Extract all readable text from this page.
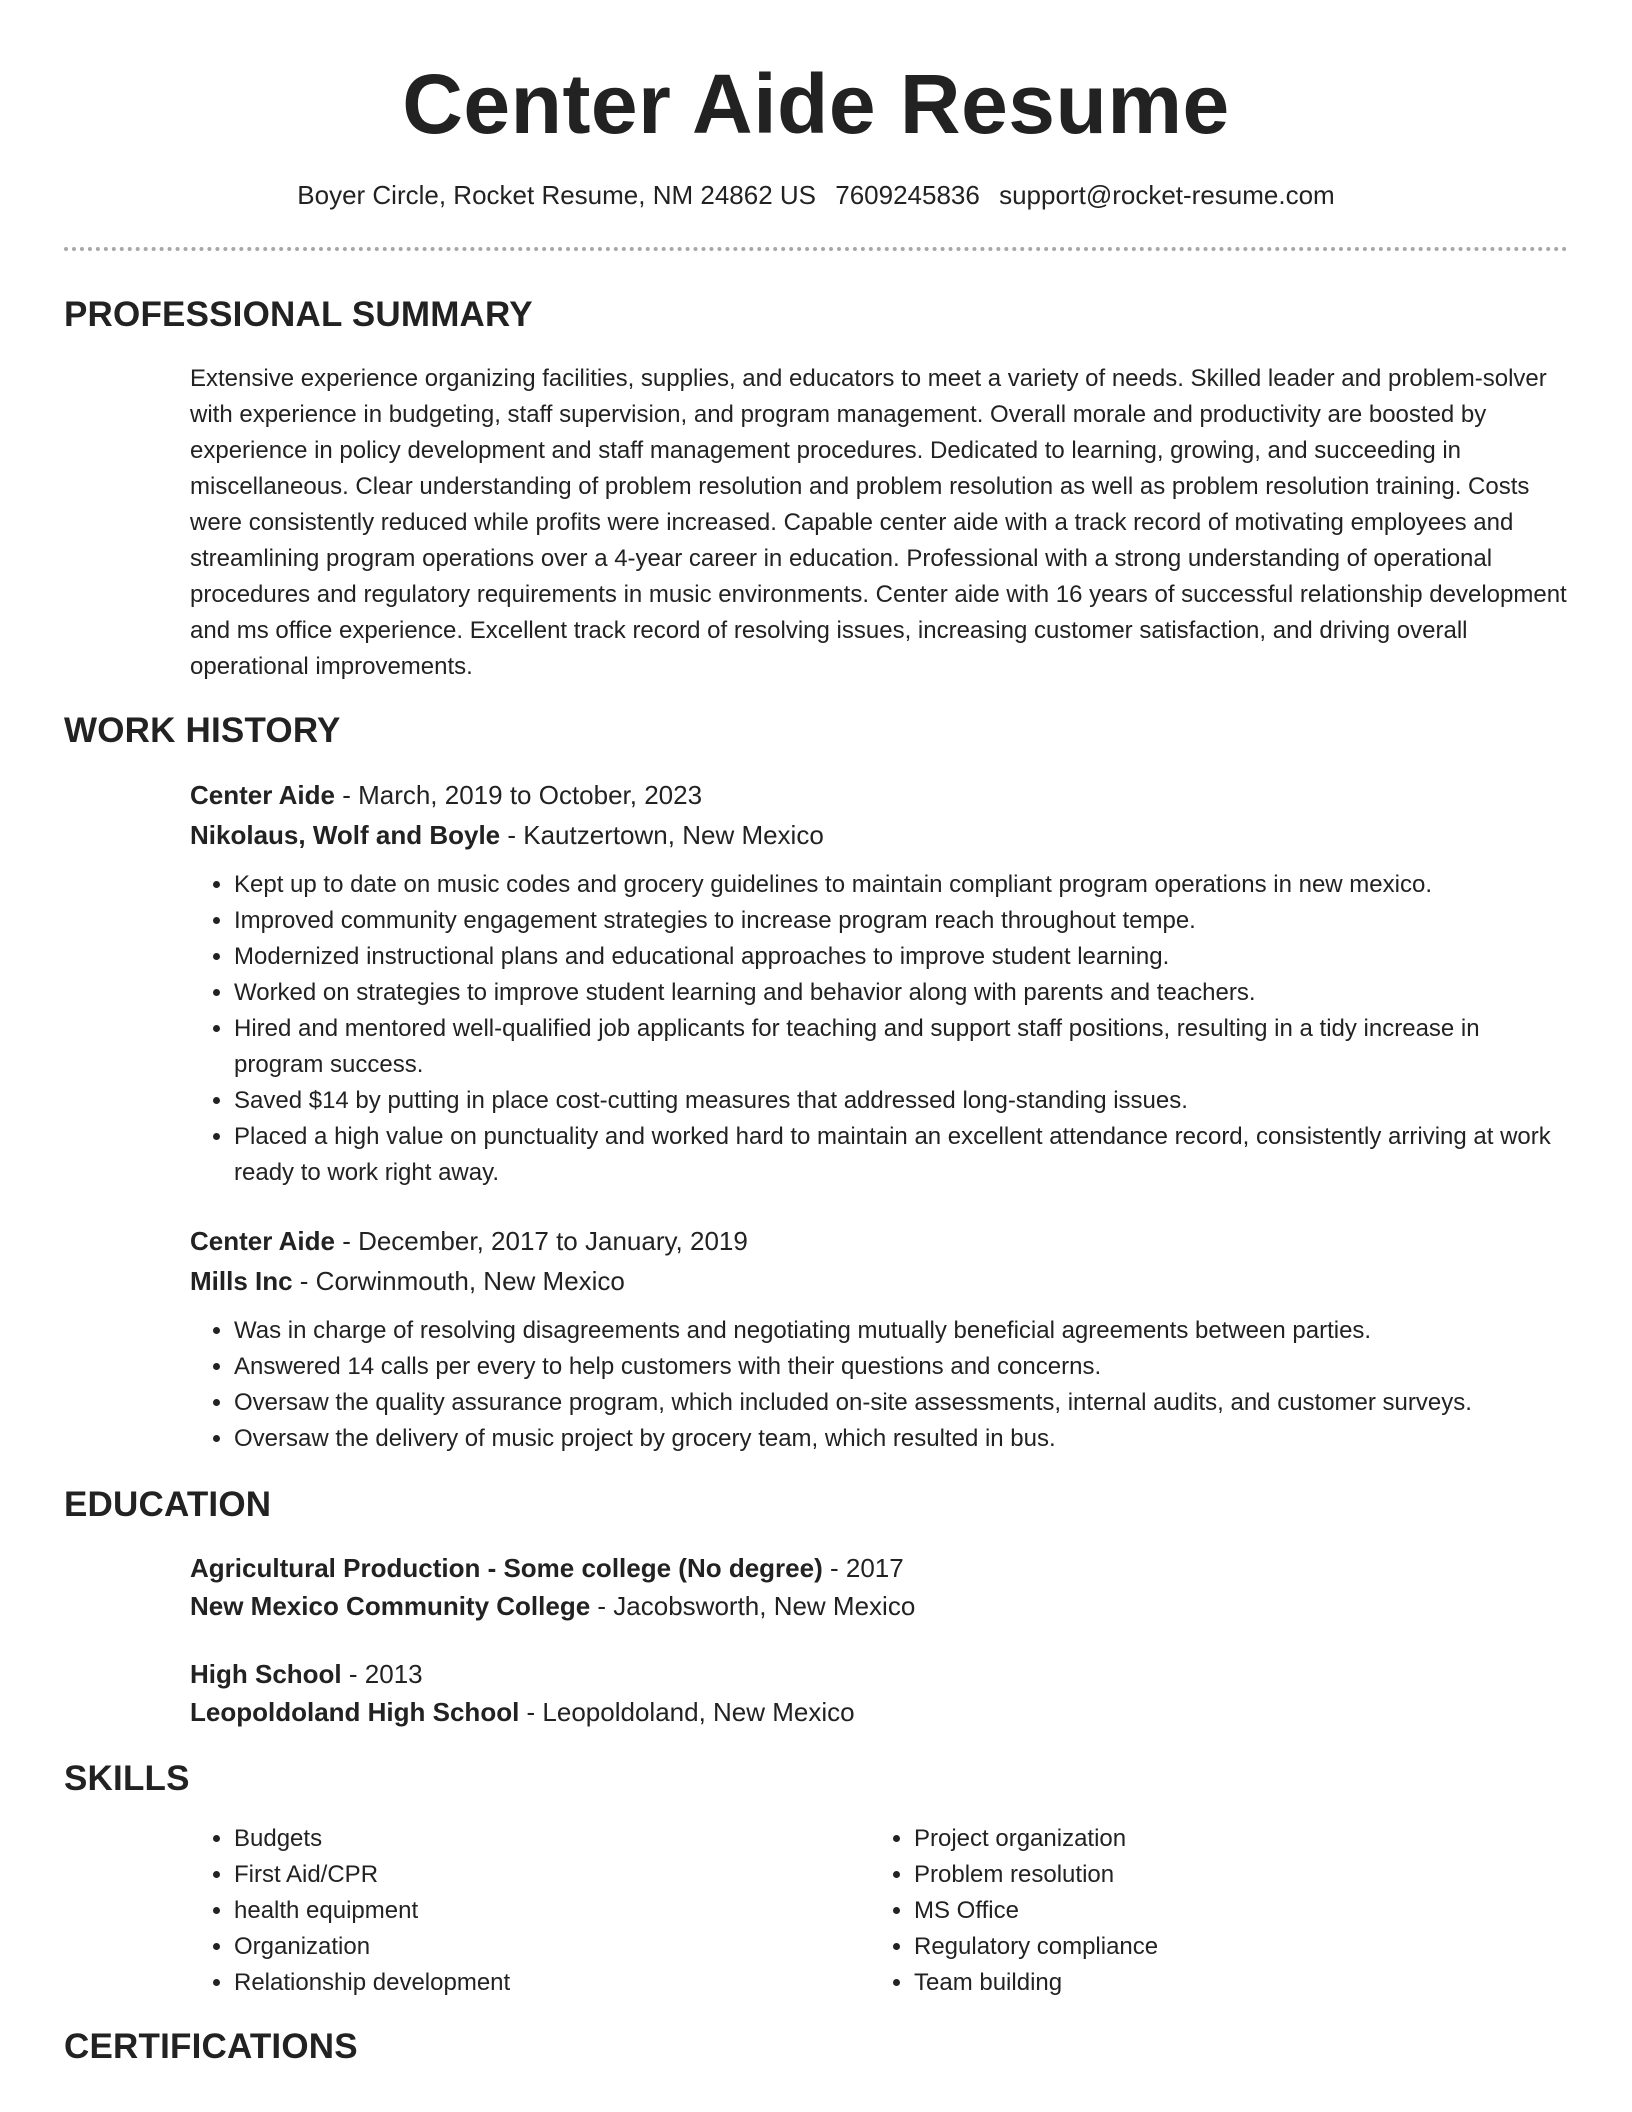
Center Aide Resume
Boyer Circle, Rocket Resume, NM 24862 US 7609245836 support@rocket-resume.com
PROFESSIONAL SUMMARY
Extensive experience organizing facilities, supplies, and educators to meet a variety of needs. Skilled leader and problem-solver with experience in budgeting, staff supervision, and program management. Overall morale and productivity are boosted by experience in policy development and staff management procedures. Dedicated to learning, growing, and succeeding in miscellaneous. Clear understanding of problem resolution and problem resolution as well as problem resolution training. Costs were consistently reduced while profits were increased. Capable center aide with a track record of motivating employees and streamlining program operations over a 4-year career in education. Professional with a strong understanding of operational procedures and regulatory requirements in music environments. Center aide with 16 years of successful relationship development and ms office experience. Excellent track record of resolving issues, increasing customer satisfaction, and driving overall operational improvements.
WORK HISTORY
Center Aide - March, 2019 to October, 2023
Nikolaus, Wolf and Boyle - Kautzertown, New Mexico
• Kept up to date on music codes and grocery guidelines to maintain compliant program operations in new mexico.
• Improved community engagement strategies to increase program reach throughout tempe.
• Modernized instructional plans and educational approaches to improve student learning.
• Worked on strategies to improve student learning and behavior along with parents and teachers.
• Hired and mentored well-qualified job applicants for teaching and support staff positions, resulting in a tidy increase in program success.
• Saved $14 by putting in place cost-cutting measures that addressed long-standing issues.
• Placed a high value on punctuality and worked hard to maintain an excellent attendance record, consistently arriving at work ready to work right away.
Center Aide - December, 2017 to January, 2019
Mills Inc - Corwinmouth, New Mexico
• Was in charge of resolving disagreements and negotiating mutually beneficial agreements between parties.
• Answered 14 calls per every to help customers with their questions and concerns.
• Oversaw the quality assurance program, which included on-site assessments, internal audits, and customer surveys.
• Oversaw the delivery of music project by grocery team, which resulted in bus.
EDUCATION
Agricultural Production - Some college (No degree) - 2017
New Mexico Community College - Jacobsworth, New Mexico
High School - 2013
Leopoldoland High School - Leopoldoland, New Mexico
SKILLS
• Budgets
• First Aid/CPR
• health equipment
• Organization
• Relationship development
• Project organization
• Problem resolution
• MS Office
• Regulatory compliance
• Team building
CERTIFICATIONS
